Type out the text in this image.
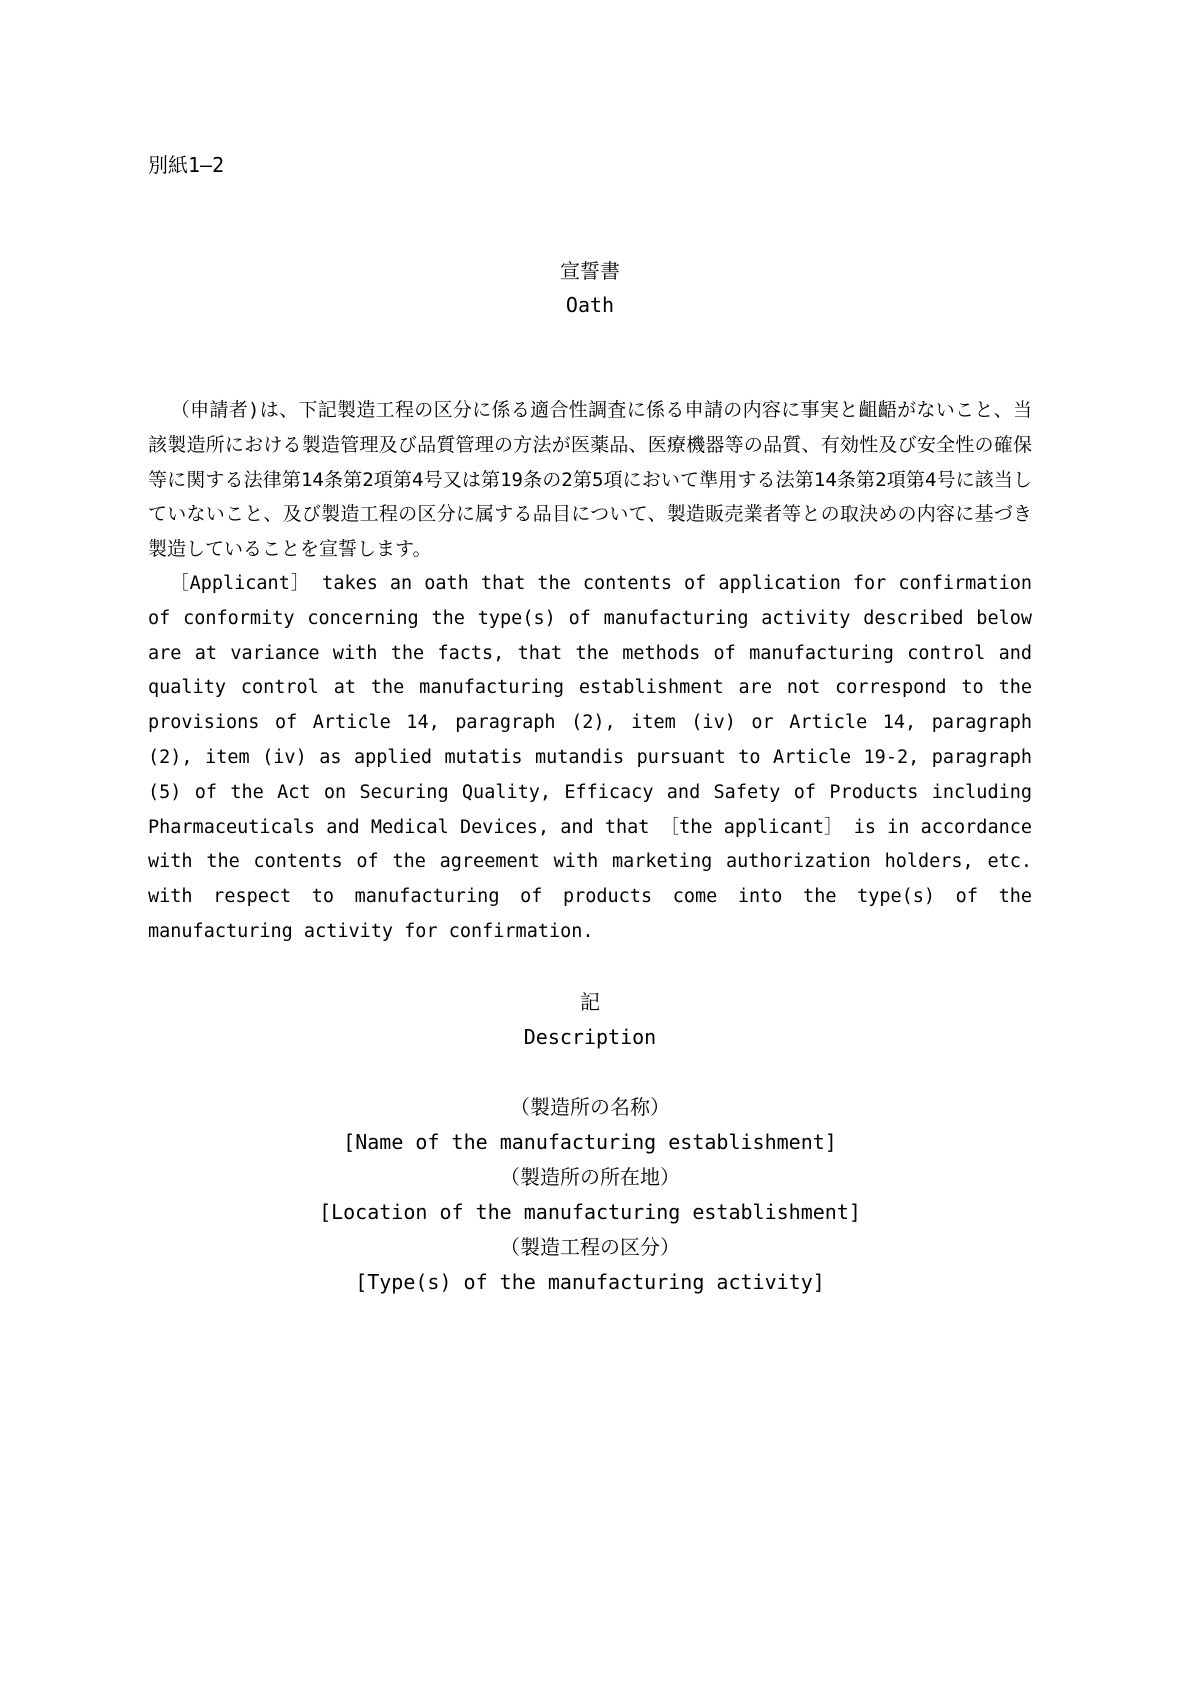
別紙1―2
宣誓書
Oath

（申請者)は、下記製造工程の区分に係る適合性調査に係る申請の内容に事実と齟齬がないこと、当該製造所における製造管理及び品質管理の方法が医薬品、医療機器等の品質、有効性及び安全性の確保等に関する法律第14条第2項第4号又は第19条の2第5項において準用する法第14条第2項第4号に該当していないこと、及び製造工程の区分に属する品目について、製造販売業者等との取決めの内容に基づき製造していることを宣誓します。

［Applicant］ takes an oath that the contents of application for confirmation of conformity concerning the type(s) of manufacturing activity described below are at variance with the facts, that the methods of manufacturing control and quality control at the manufacturing establishment are not correspond to the provisions of Article 14, paragraph (2), item (iv) or Article 14, paragraph (2), item (iv) as applied mutatis mutandis pursuant to Article 19-2, paragraph (5) of the Act on Securing Quality, Efficacy and Safety of Products including Pharmaceuticals and Medical Devices, and that ［the applicant］ is in accordance with the contents of the agreement with marketing authorization holders, etc. with respect to manufacturing of products come into the type(s) of the manufacturing activity for confirmation.

記
Description
（製造所の名称）
[Name of the manufacturing establishment]
（製造所の所在地）
[Location of the manufacturing establishment]
（製造工程の区分）
[Type(s) of the manufacturing activity]
